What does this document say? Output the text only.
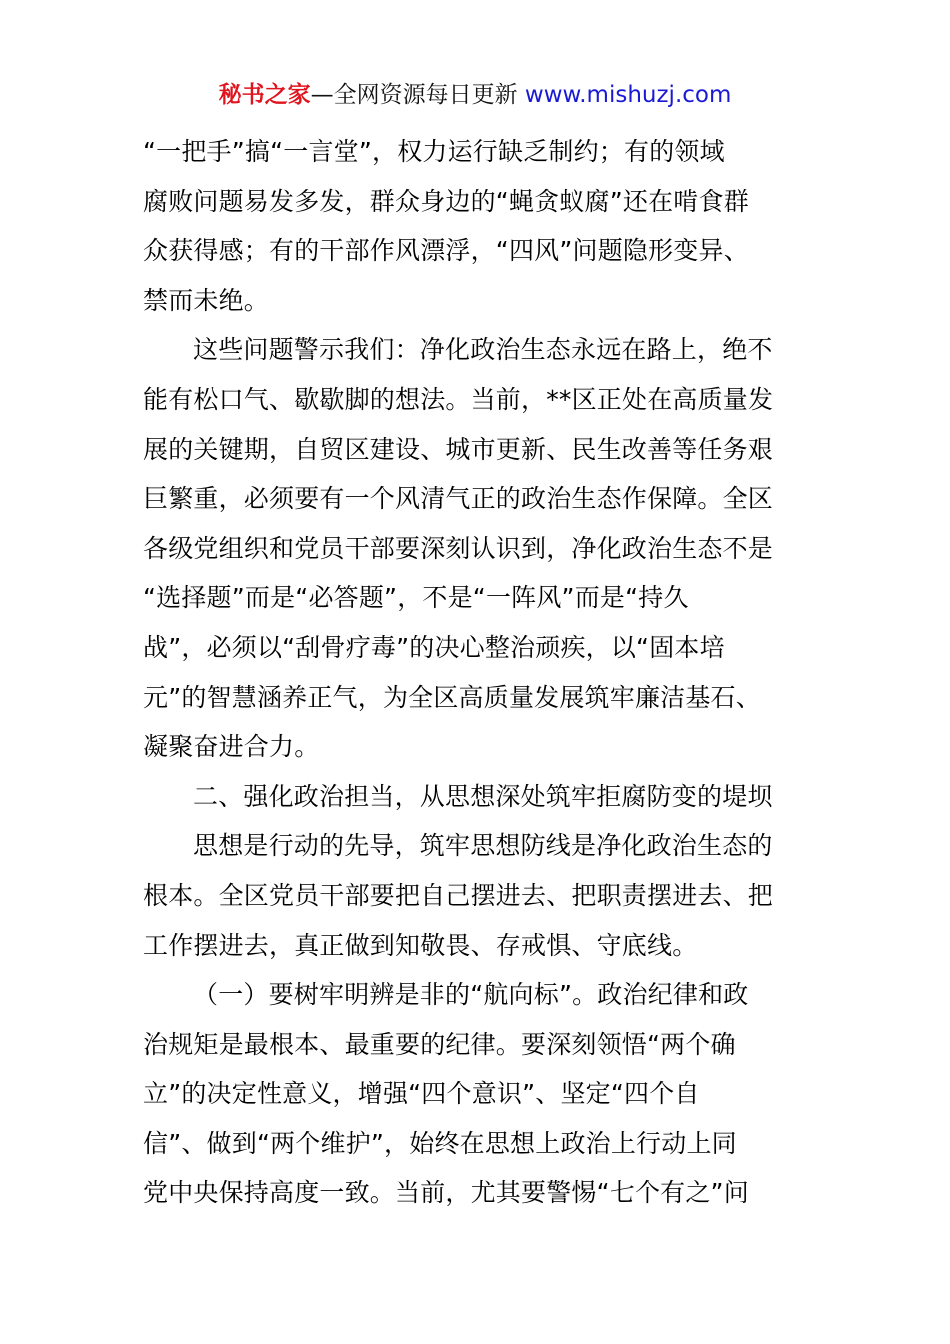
秘书之家—全网资源每日更新 www.mishuzj.com
“一把手”搞“一言堂”，权力运行缺乏制约；有的领域
腐败问题易发多发，群众身边的“蝇贪蚁腐”还在啃食群
众获得感；有的干部作风漂浮，“四风”问题隐形变异、
禁而未绝。
这些问题警示我们：净化政治生态永远在路上，绝不
能有松口气、歇歇脚的想法。当前，**区正处在高质量发
展的关键期，自贸区建设、城市更新、民生改善等任务艰
巨繁重，必须要有一个风清气正的政治生态作保障。全区
各级党组织和党员干部要深刻认识到，净化政治生态不是
“选择题”而是“必答题”，不是“一阵风”而是“持久
战”，必须以“刮骨疗毒”的决心整治顽疾，以“固本培
元”的智慧涵养正气，为全区高质量发展筑牢廉洁基石、
凝聚奋进合力。
二、强化政治担当，从思想深处筑牢拒腐防变的堤坝
思想是行动的先导，筑牢思想防线是净化政治生态的
根本。全区党员干部要把自己摆进去、把职责摆进去、把
工作摆进去，真正做到知敬畏、存戒惧、守底线。
（一）要树牢明辨是非的“航向标”。政治纪律和政
治规矩是最根本、最重要的纪律。要深刻领悟“两个确
立”的决定性意义，增强“四个意识”、坚定“四个自
信”、做到“两个维护”，始终在思想上政治上行动上同
党中央保持高度一致。当前，尤其要警惕“七个有之”问
